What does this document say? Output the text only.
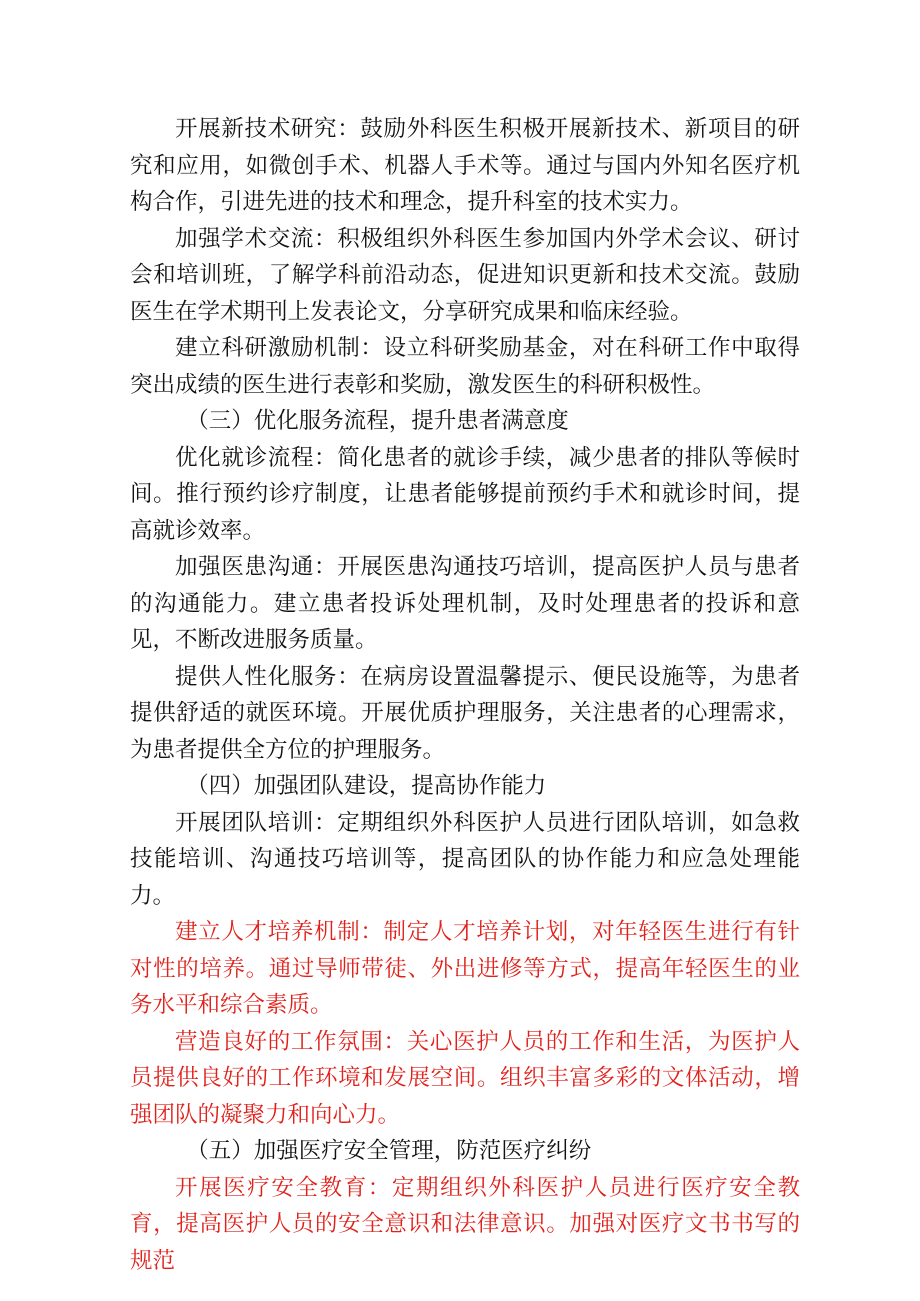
开展新技术研究：鼓励外科医生积极开展新技术、新项目的研究和应用，如微创手术、机器人手术等。通过与国内外知名医疗机构合作，引进先进的技术和理念，提升科室的技术实力。

加强学术交流：积极组织外科医生参加国内外学术会议、研讨会和培训班，了解学科前沿动态，促进知识更新和技术交流。鼓励医生在学术期刊上发表论文，分享研究成果和临床经验。

建立科研激励机制：设立科研奖励基金，对在科研工作中取得突出成绩的医生进行表彰和奖励，激发医生的科研积极性。

（三）优化服务流程，提升患者满意度

优化就诊流程：简化患者的就诊手续，减少患者的排队等候时间。推行预约诊疗制度，让患者能够提前预约手术和就诊时间，提高就诊效率。

加强医患沟通：开展医患沟通技巧培训，提高医护人员与患者的沟通能力。建立患者投诉处理机制，及时处理患者的投诉和意见，不断改进服务质量。

提供人性化服务：在病房设置温馨提示、便民设施等，为患者提供舒适的就医环境。开展优质护理服务，关注患者的心理需求，为患者提供全方位的护理服务。

（四）加强团队建设，提高协作能力

开展团队培训：定期组织外科医护人员进行团队培训，如急救技能培训、沟通技巧培训等，提高团队的协作能力和应急处理能力。

建立人才培养机制：制定人才培养计划，对年轻医生进行有针对性的培养。通过导师带徒、外出进修等方式，提高年轻医生的业务水平和综合素质。

营造良好的工作氛围：关心医护人员的工作和生活，为医护人员提供良好的工作环境和发展空间。组织丰富多彩的文体活动，增强团队的凝聚力和向心力。

（五）加强医疗安全管理，防范医疗纠纷

开展医疗安全教育：定期组织外科医护人员进行医疗安全教育，提高医护人员的安全意识和法律意识。加强对医疗文书书写的规范
